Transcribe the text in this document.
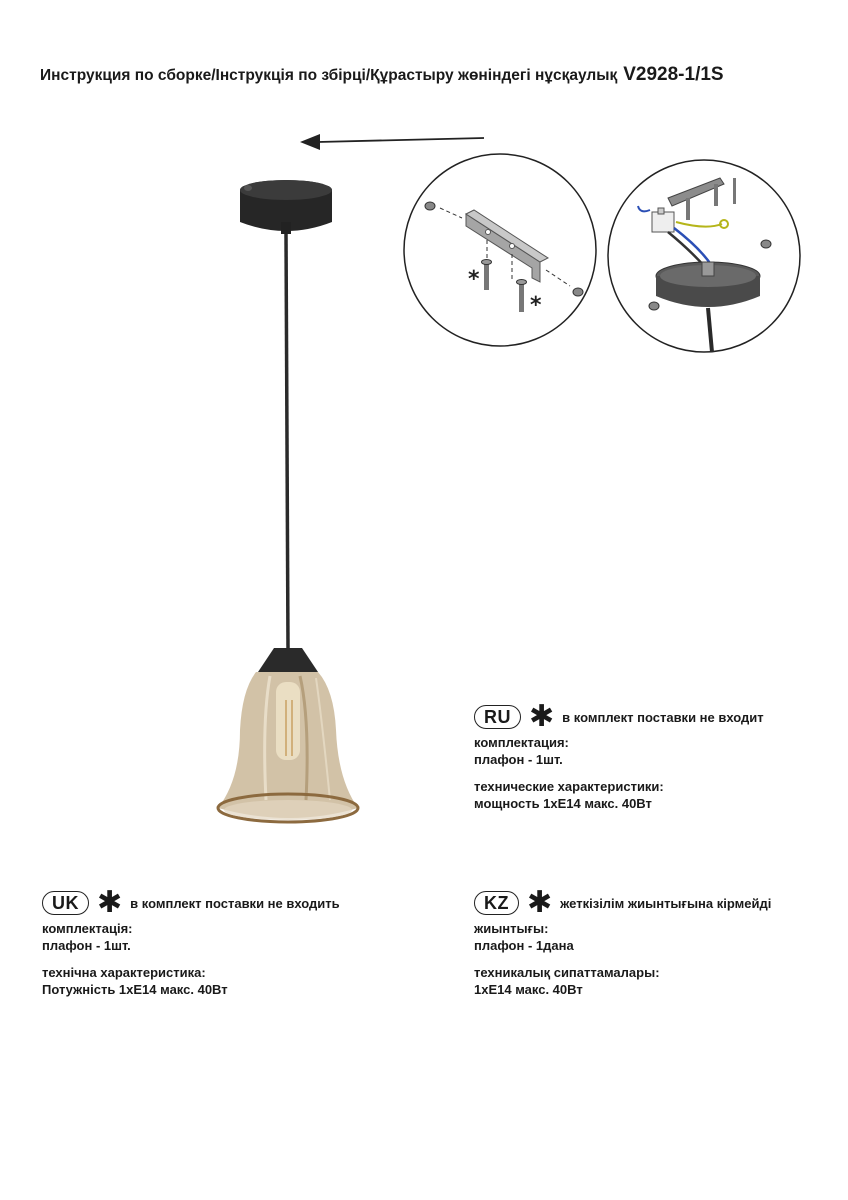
Инструкция по сборке/Інструкція по збірці/Құрастыру жөніндегі нұсқаулық V2928-1/1S
*
*
RU ✱ в комплект поставки не входит
комплектация:
плафон - 1шт.
технические характеристики:
мощность 1хЕ14 макс. 40Вт
UK ✱ в комплект поставки не входить
комплектація:
плафон - 1шт.
технічна характеристика:
Потужність 1хЕ14 макс. 40Вт
KZ ✱ жеткізілім жиынтығына кірмейді
жиынтығы:
плафон - 1дана
техникалық сипаттамалары:
1хЕ14 макс. 40Вт
